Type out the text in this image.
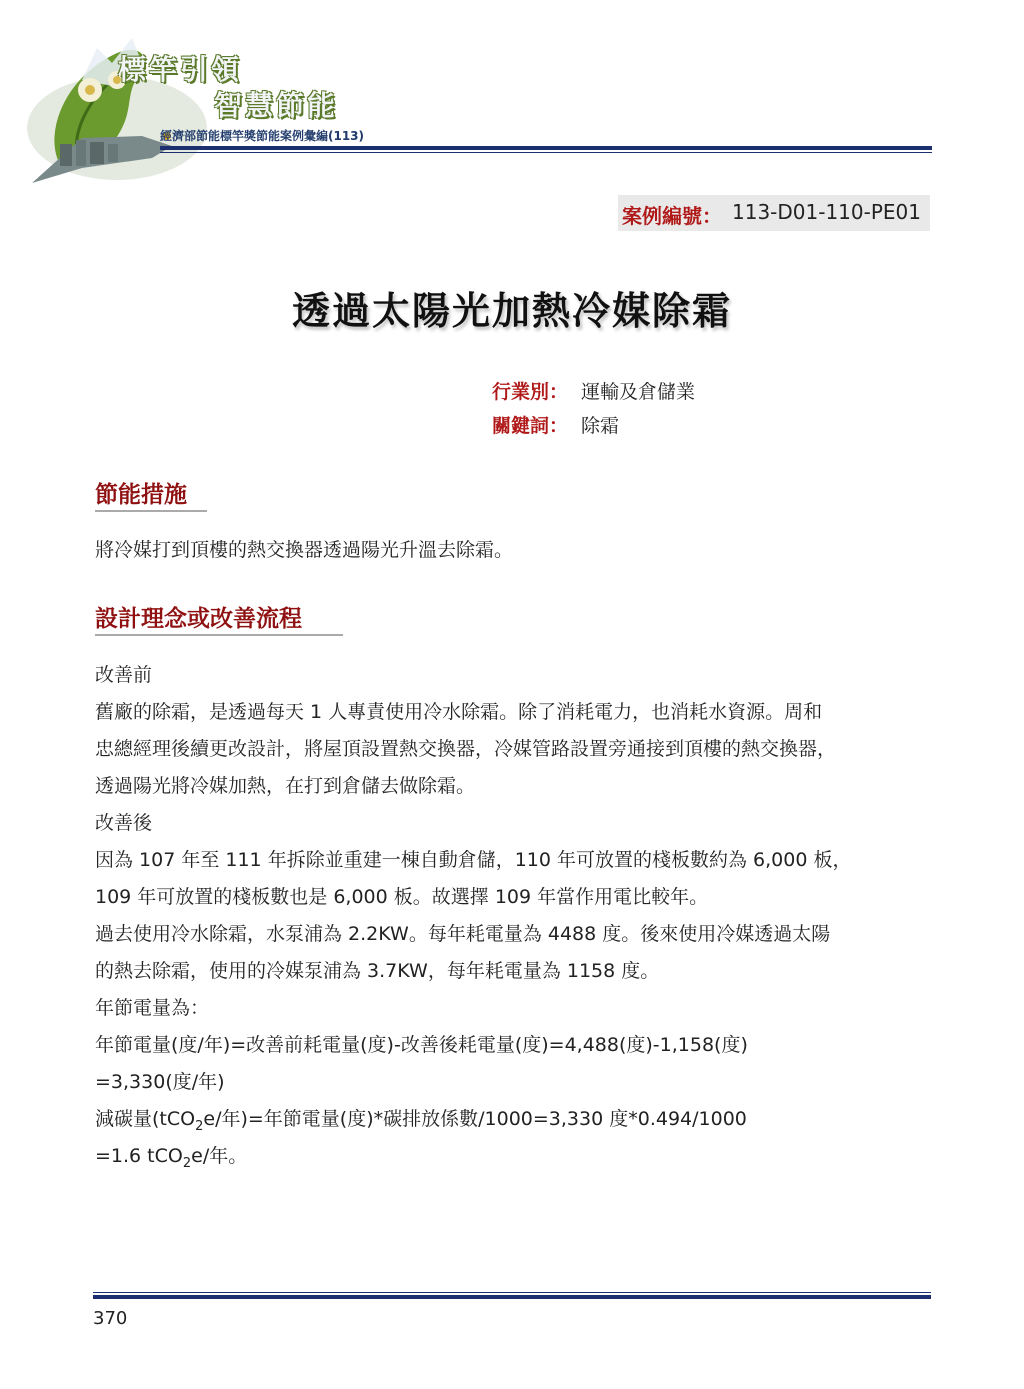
標竿引領
智慧節能
經濟部節能標竿獎節能案例彙編(113)
案例編號： 113-D01-110-PE01
透過太陽光加熱冷媒除霜
行業別： 運輸及倉儲業
關鍵詞： 除霜
節能措施
將冷媒打到頂樓的熱交換器透過陽光升溫去除霜。
設計理念或改善流程
改善前
舊廠的除霜，是透過每天 1 人專責使用冷水除霜。除了消耗電力，也消耗水資源。周和
忠總經理後續更改設計，將屋頂設置熱交換器，冷媒管路設置旁通接到頂樓的熱交換器，
透過陽光將冷媒加熱，在打到倉儲去做除霜。
改善後
因為 107 年至 111 年拆除並重建一棟自動倉儲，110 年可放置的棧板數約為 6,000 板，
109 年可放置的棧板數也是 6,000 板。故選擇 109 年當作用電比較年。
過去使用冷水除霜，水泵浦為 2.2KW。每年耗電量為 4488 度。後來使用冷媒透過太陽
的熱去除霜，使用的冷媒泵浦為 3.7KW，每年耗電量為 1158 度。
年節電量為：
年節電量(度/年)=改善前耗電量(度)-改善後耗電量(度)=4,488(度)-1,158(度)
=3,330(度/年)
減碳量(tCO$_2$e/年)=年節電量(度)*碳排放係數/1000=3,330 度*0.494/1000
=1.6 tCO$_2$e/年。
370
